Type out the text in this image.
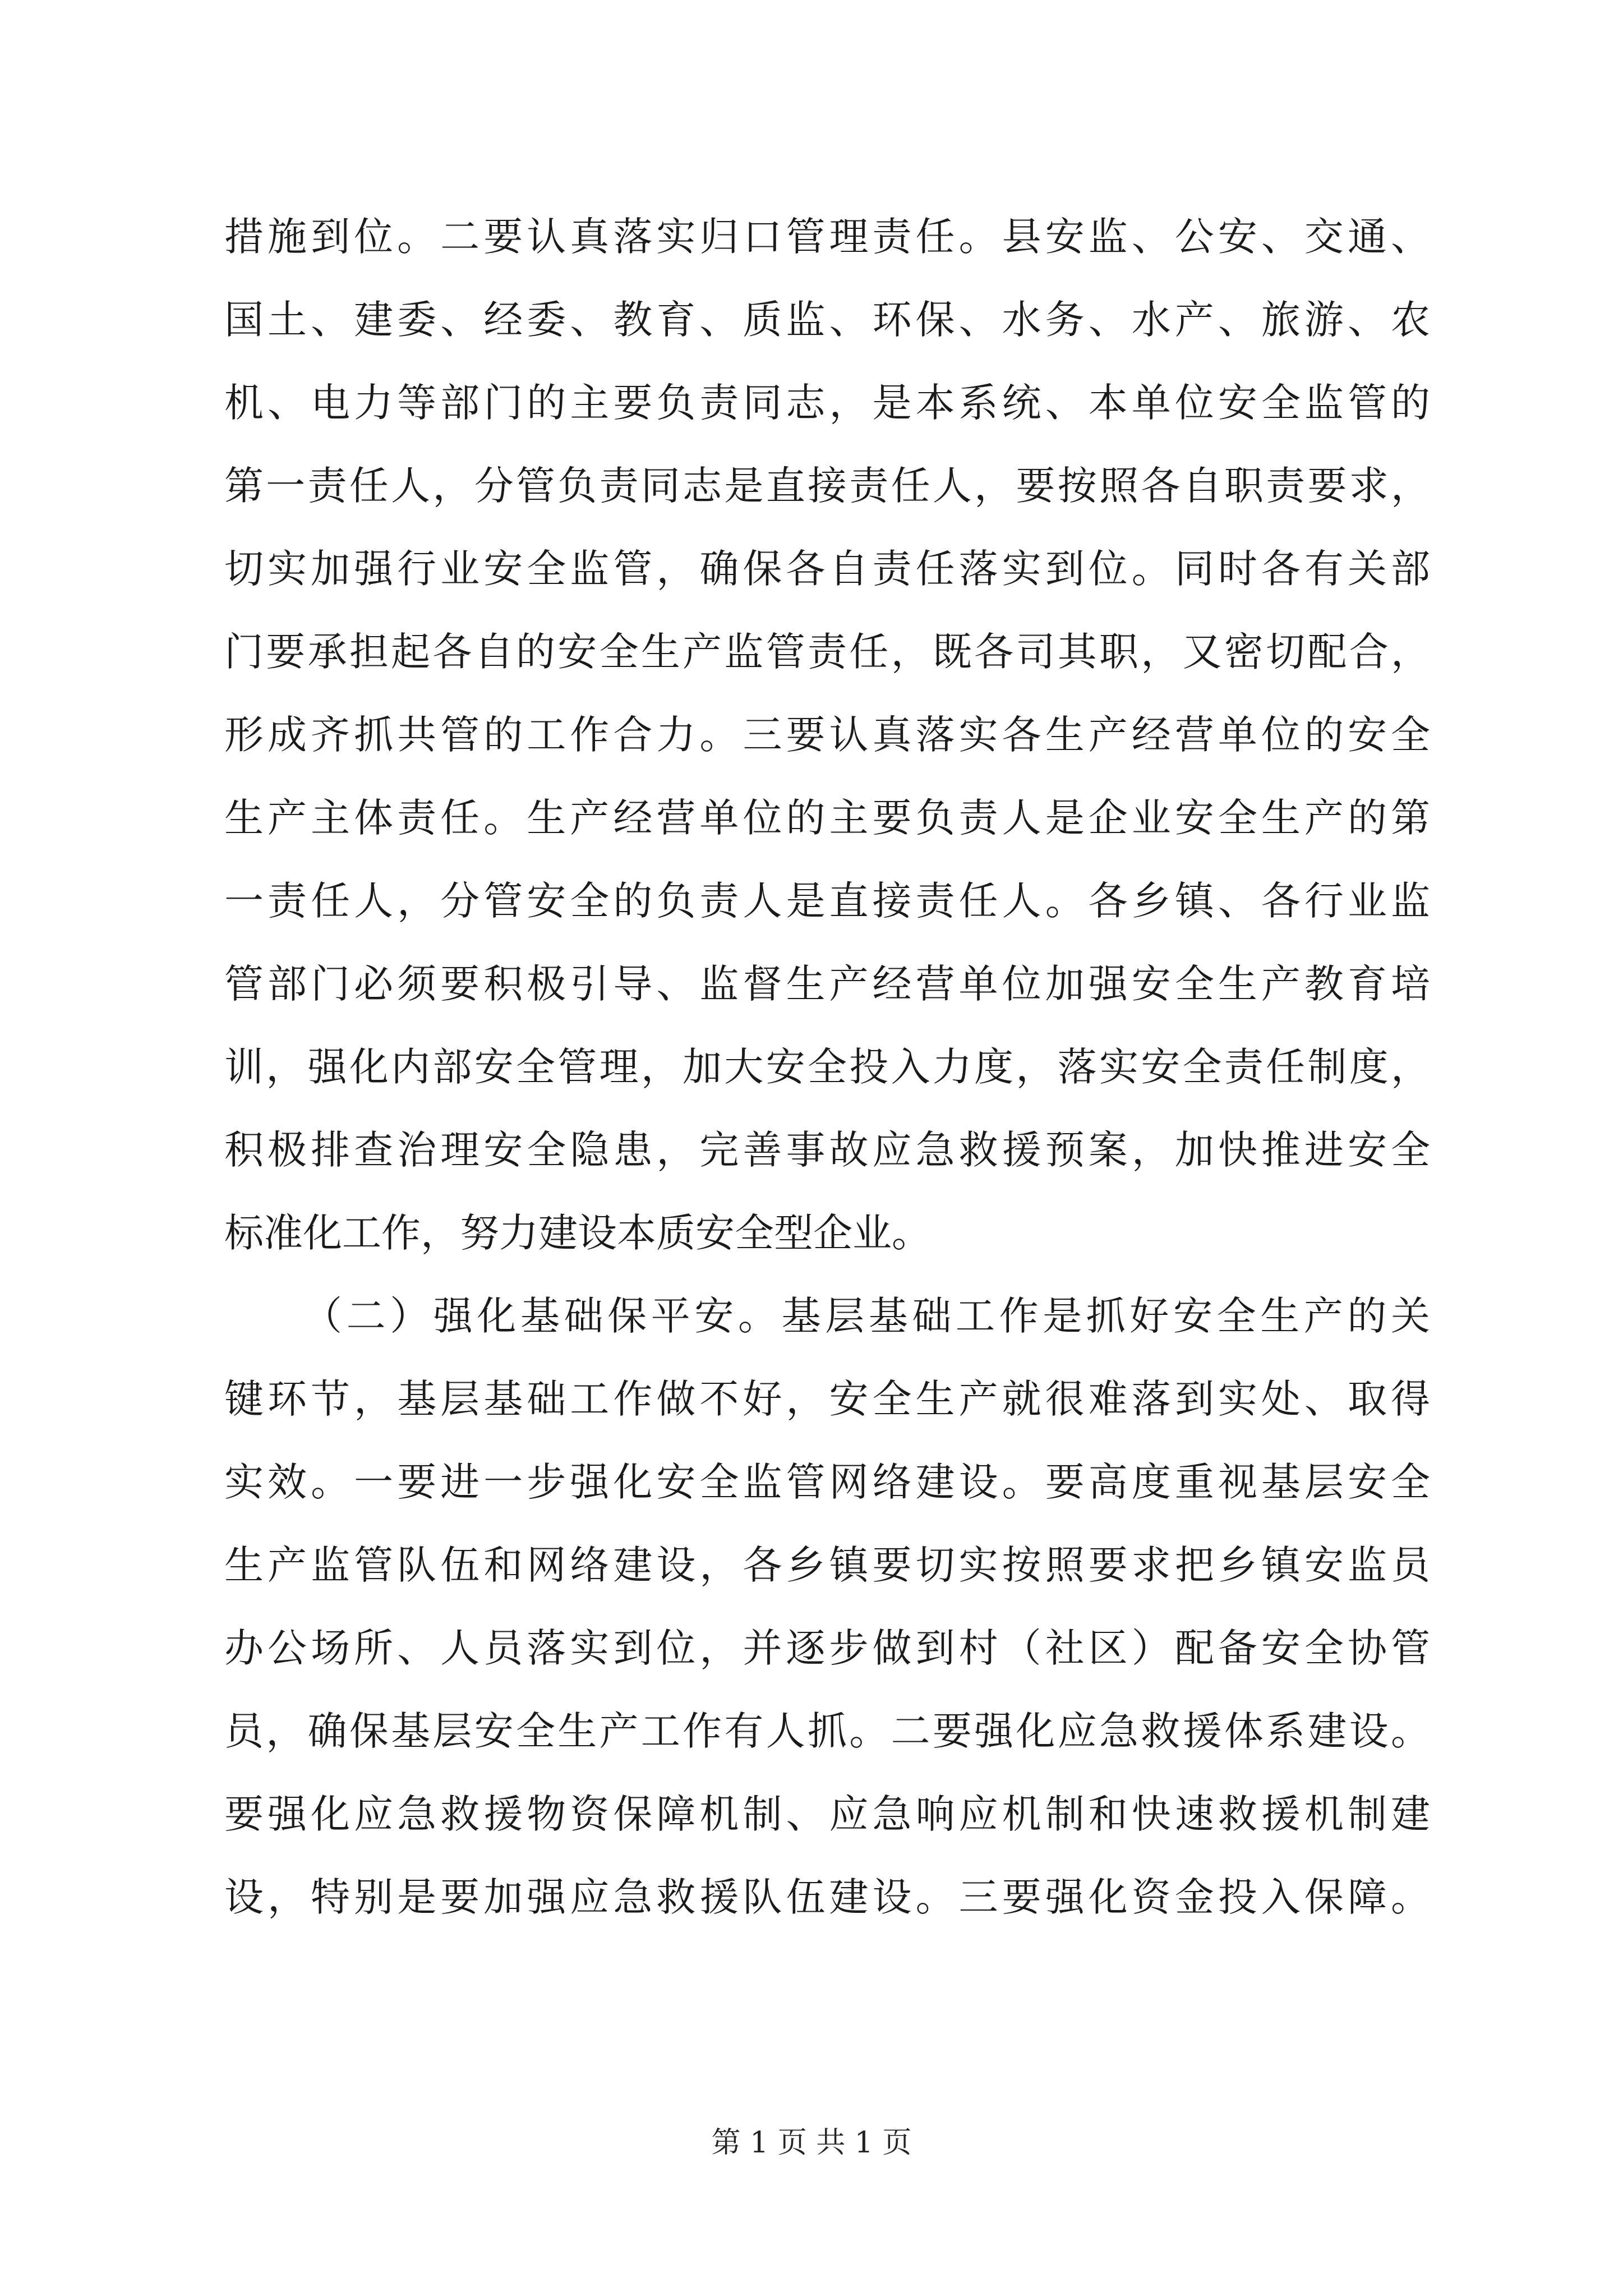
措施到位。二要认真落实归口管理责任。县安监、公安、交通、
国土、建委、经委、教育、质监、环保、水务、水产、旅游、农
机、电力等部门的主要负责同志，是本系统、本单位安全监管的
第一责任人，分管负责同志是直接责任人，要按照各自职责要求，
切实加强行业安全监管，确保各自责任落实到位。同时各有关部
门要承担起各自的安全生产监管责任，既各司其职，又密切配合，
形成齐抓共管的工作合力。三要认真落实各生产经营单位的安全
生产主体责任。生产经营单位的主要负责人是企业安全生产的第
一责任人，分管安全的负责人是直接责任人。各乡镇、各行业监
管部门必须要积极引导、监督生产经营单位加强安全生产教育培
训，强化内部安全管理，加大安全投入力度，落实安全责任制度，
积极排查治理安全隐患，完善事故应急救援预案，加快推进安全
标准化工作，努力建设本质安全型企业。
（二）强化基础保平安。基层基础工作是抓好安全生产的关
键环节，基层基础工作做不好，安全生产就很难落到实处、取得
实效。一要进一步强化安全监管网络建设。要高度重视基层安全
生产监管队伍和网络建设，各乡镇要切实按照要求把乡镇安监员
办公场所、人员落实到位，并逐步做到村（社区）配备安全协管
员，确保基层安全生产工作有人抓。二要强化应急救援体系建设。
要强化应急救援物资保障机制、应急响应机制和快速救援机制建
设，特别是要加强应急救援队伍建设。三要强化资金投入保障。
第 1 页 共 1 页
